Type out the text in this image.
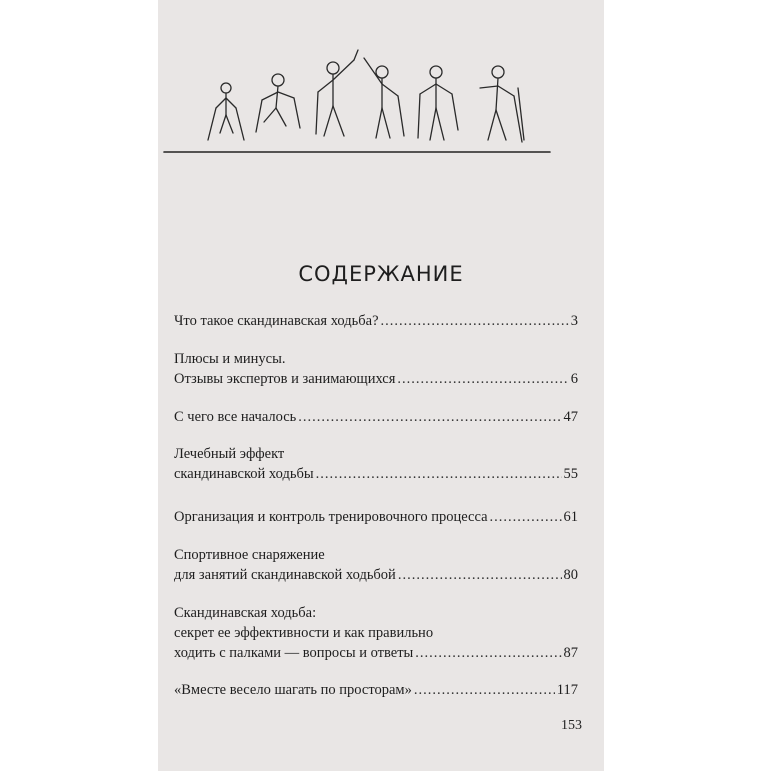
СОДЕРЖАНИЕ
Что такое скандинавская ходьба? .....	3
Плюсы и минусы.
Отзывы экспертов и занимающихся .....	6
С чего все началось .....	47
Лечебный эффект
скандинавской ходьбы .....	55
Организация и контроль тренировочного процесса .....	61
Спортивное снаряжение
для занятий скандинавской ходьбой .....	80
Скандинавская ходьба:
секрет ее эффективности и как правильно
ходить с палками — вопросы и ответы .....	87
«Вместе весело шагать по просторам» .....	117
153
